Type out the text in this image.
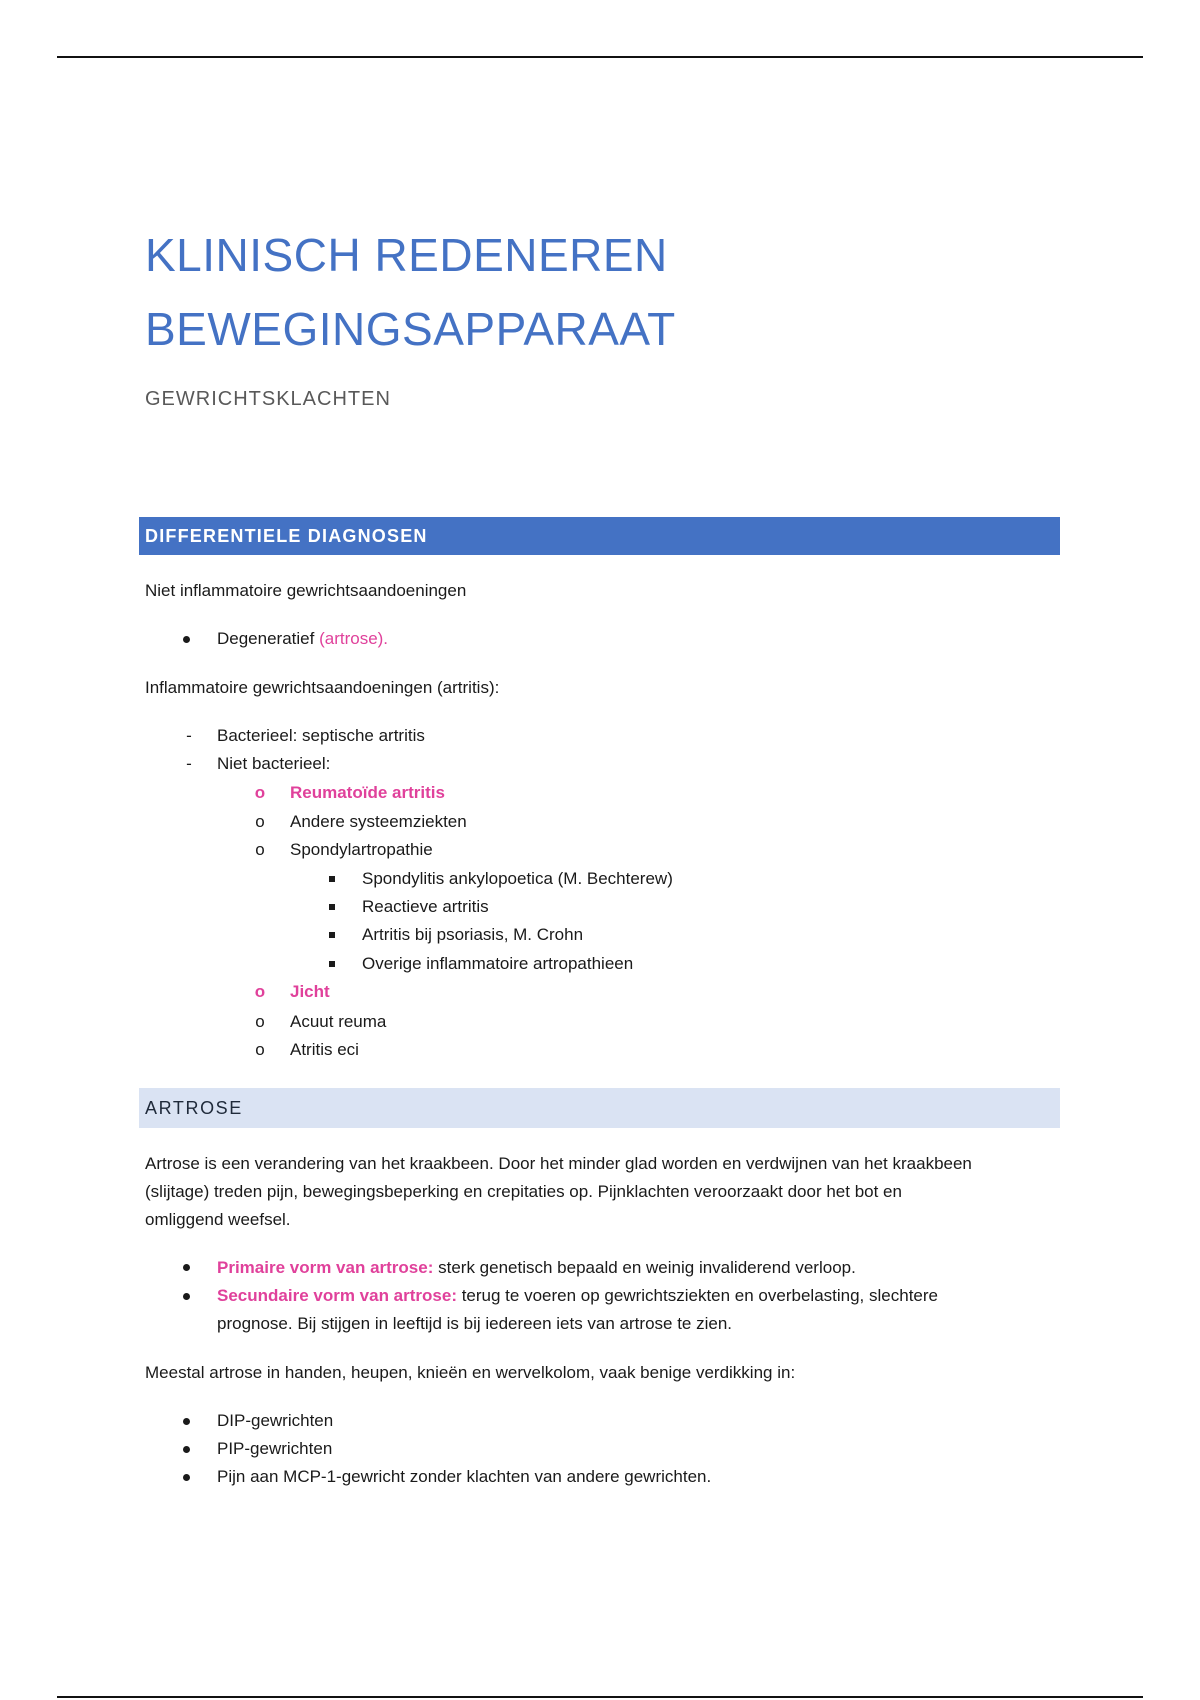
KLINISCH REDENEREN
BEWEGINGSAPPARAAT
GEWRICHTSKLACHTEN
DIFFERENTIELE DIAGNOSEN
Niet inflammatoire gewrichtsaandoeningen
Degeneratief (artrose).
Inflammatoire gewrichtsaandoeningen (artritis):
-	Bacterieel: septische artritis
-	Niet bacterieel:
o Reumatoïde artritis
o	Andere systeemziekten
o	Spondylartropathie
Spondylitis ankylopoetica (M. Bechterew)
Reactieve artritis
Artritis bij psoriasis, M. Crohn
Overige inflammatoire artropathieen
o Jicht
o	Acuut reuma
o	Atritis eci
ARTROSE
Artrose is een verandering van het kraakbeen. Door het minder glad worden en verdwijnen van het kraakbeen
(slijtage) treden pijn, bewegingsbeperking en crepitaties op. Pijnklachten veroorzaakt door het bot en
omliggend weefsel.
Primaire vorm van artrose: sterk genetisch bepaald en weinig invaliderend verloop.
Secundaire vorm van artrose: terug te voeren op gewrichtsziekten en overbelasting, slechtere
prognose. Bij stijgen in leeftijd is bij iedereen iets van artrose te zien.
Meestal artrose in handen, heupen, knieën en wervelkolom, vaak benige verdikking in:
DIP-gewrichten
PIP-gewrichten
Pijn aan MCP-1-gewricht zonder klachten van andere gewrichten.
